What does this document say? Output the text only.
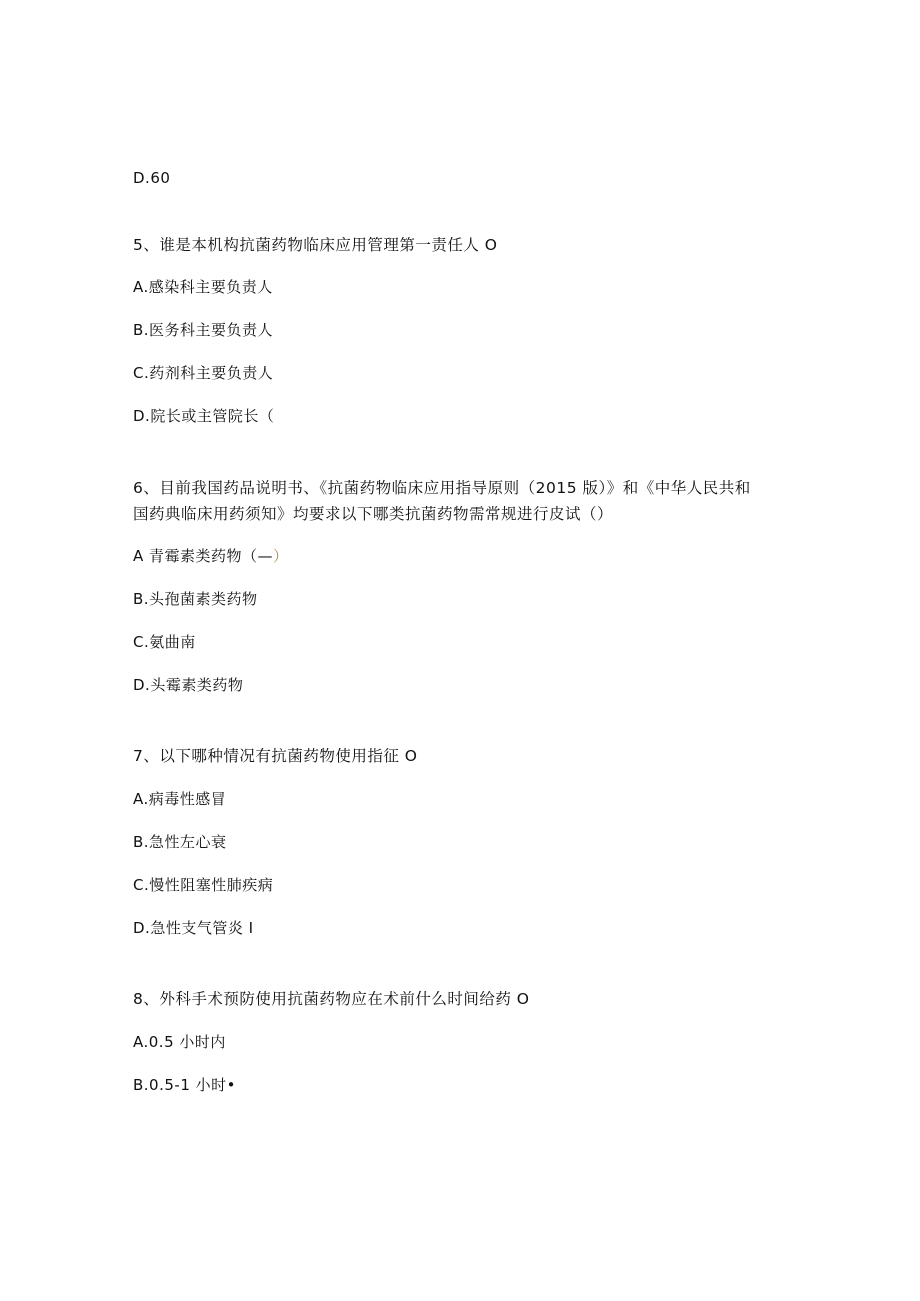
D.60
5、谁是本机构抗菌药物临床应用管理第一责任人 O
A.感染科主要负责人
B.医务科主要负责人
C.药剂科主要负责人
D.院长或主管院长（
6、目前我国药品说明书、《抗菌药物临床应用指导原则（2015 版）》和《中华人民共和
国药典临床用药须知》均要求以下哪类抗菌药物需常规进行皮试（）
A 青霉素类药物（—）
B.头孢菌素类药物
C.氨曲南
D.头霉素类药物
7、以下哪种情况有抗菌药物使用指征 O
A.病毒性感冒
B.急性左心衰
C.慢性阻塞性肺疾病
D.急性支气管炎 I
8、外科手术预防使用抗菌药物应在术前什么时间给药 O
A.0.5 小时内
B.0.5-1 小时•
